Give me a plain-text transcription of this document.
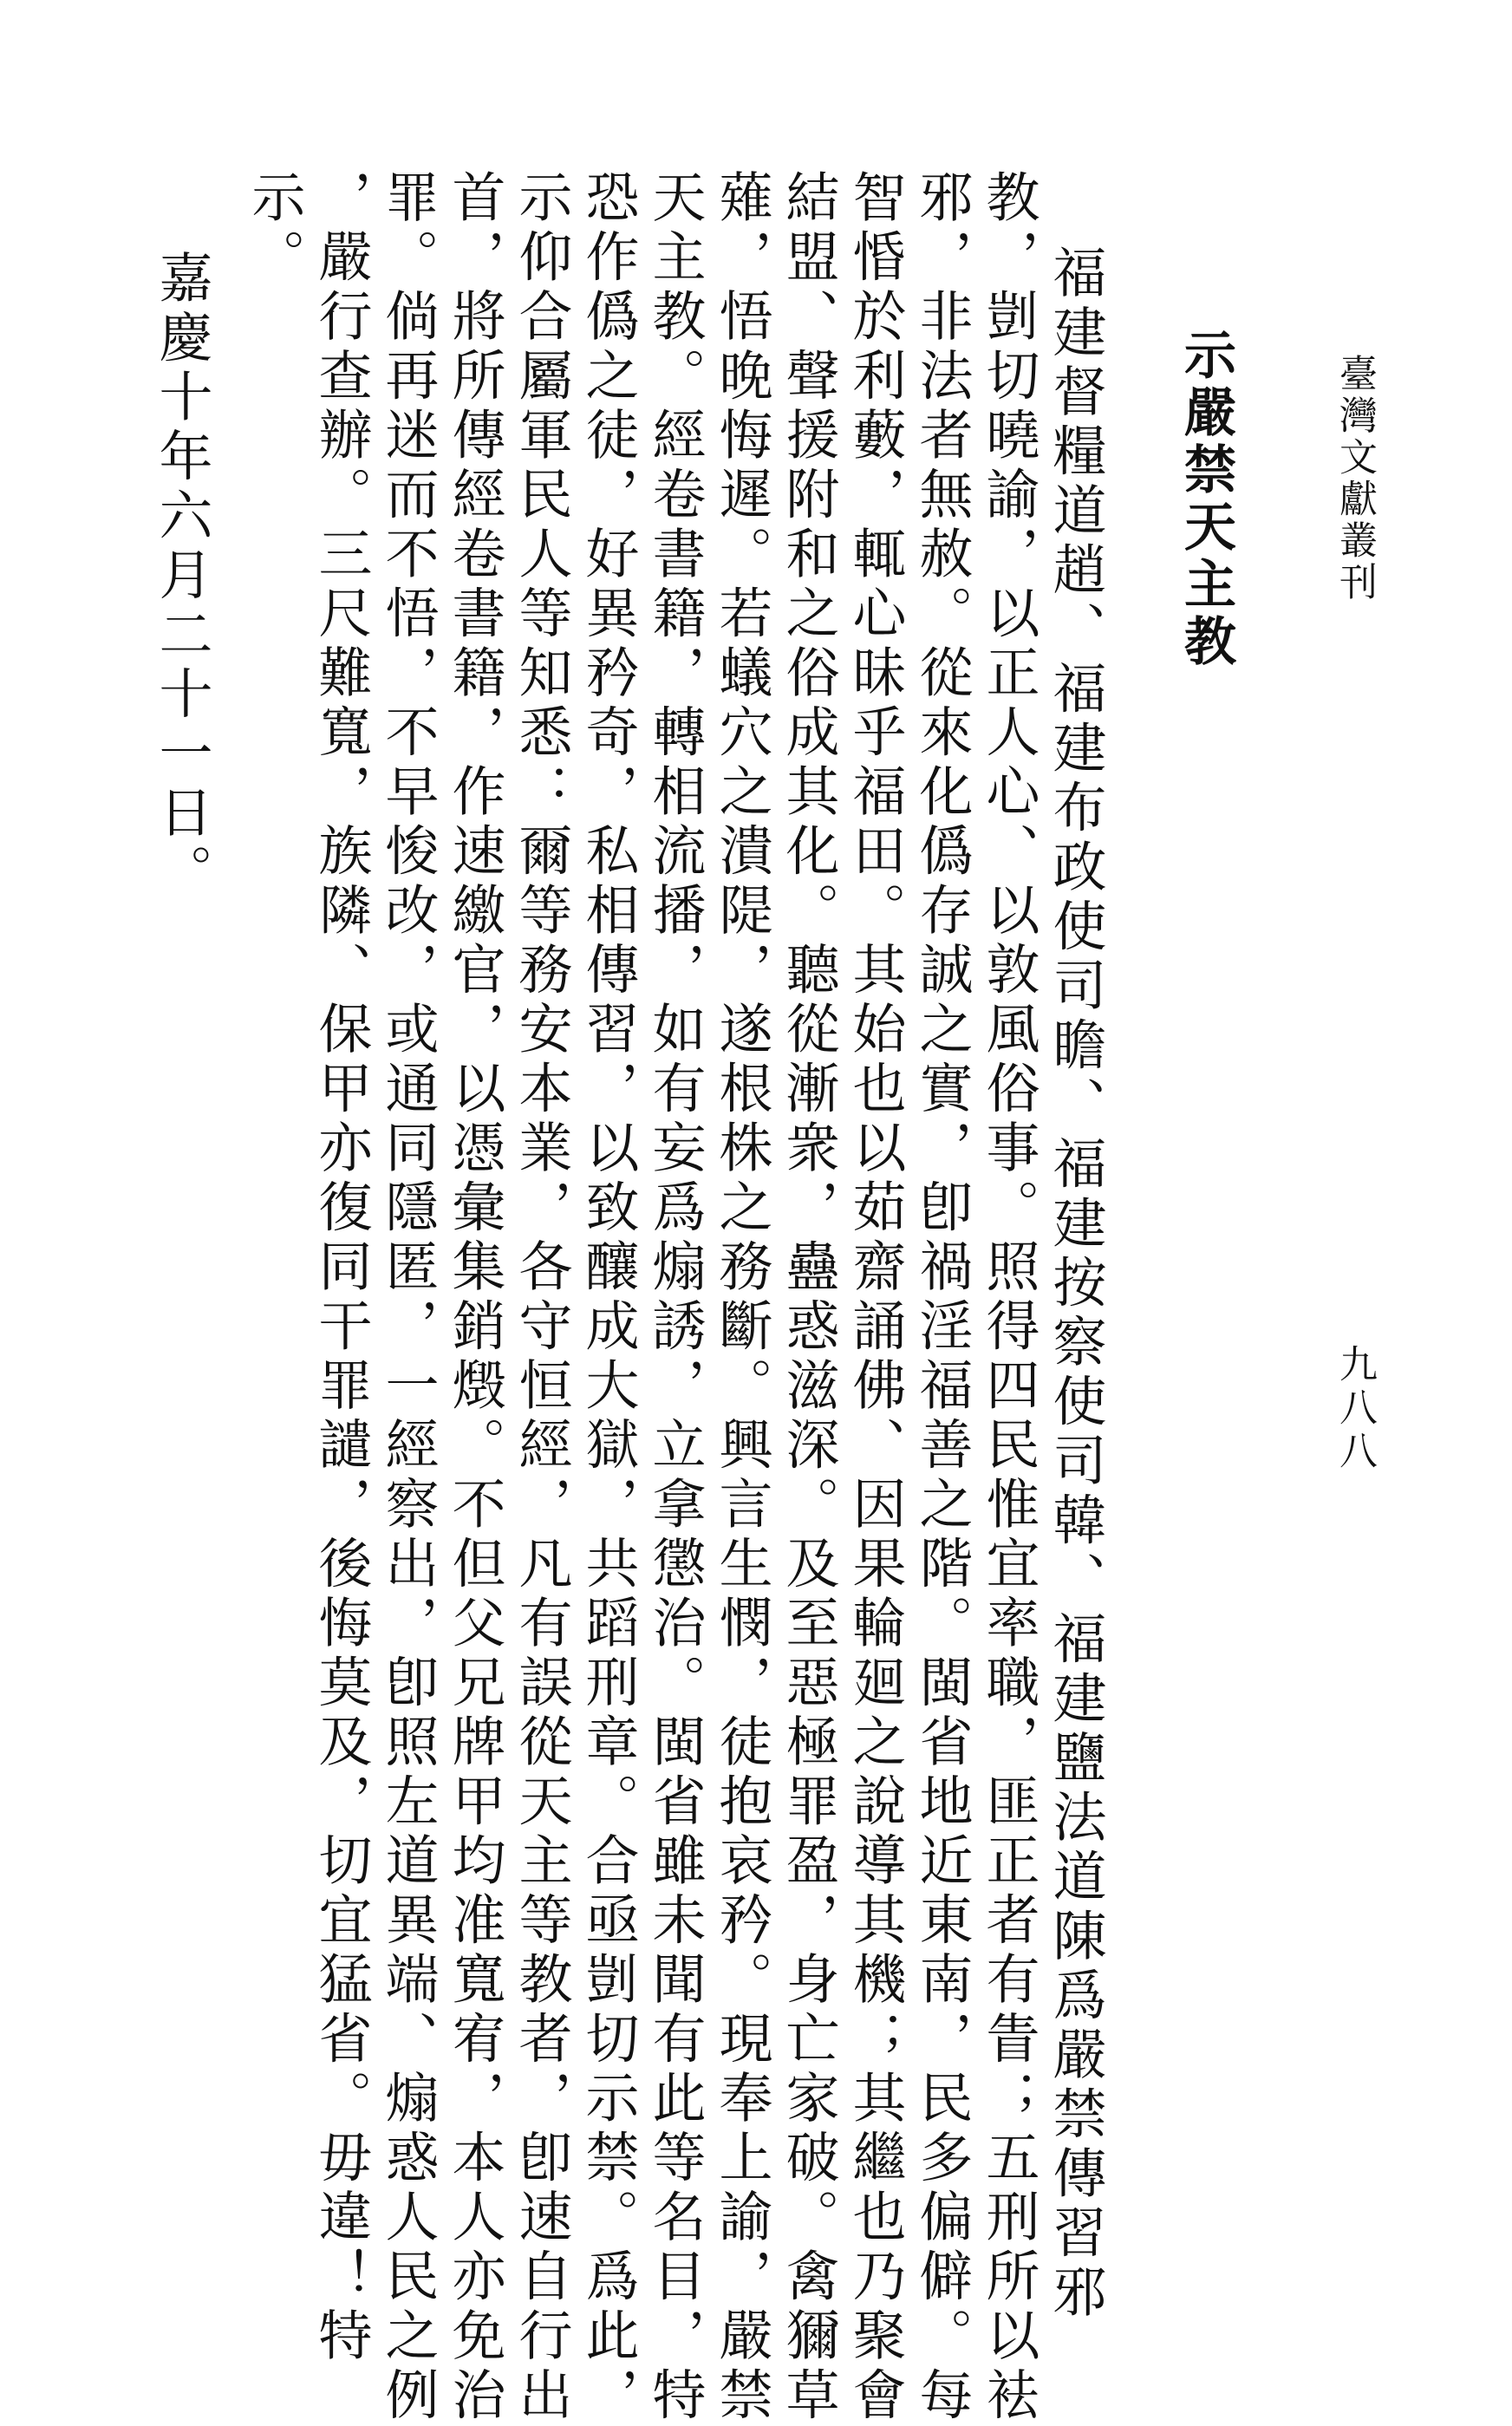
臺灣文獻叢刊
九八八
示嚴禁天主教
福建督糧道趙、福建布政使司瞻、福建按察使司韓、福建鹽法道陳爲嚴禁傳習邪
教，剴切曉諭，以正人心、以敦風俗事。照得四民惟宜率職，匪正者有眚；五刑所以袪
邪，非法者無赦。從來化僞存誠之實，卽禍淫福善之階。閩省地近東南，民多偏僻。每
智惛於利藪，輒心昧乎福田。其始也以茹齋誦佛、因果輪廻之說導其機；其繼也乃聚會
結盟、聲援附和之俗成其化。聽從漸衆，蠱惑滋深。及至惡極罪盈，身亡家破。禽獮草
薙，悟晚悔遲。若蟻穴之潰隄，遂根株之務斷。興言生憫，徒抱哀矜。現奉上諭，嚴禁
天主教。經卷書籍，轉相流播，如有妄爲煽誘，立拿懲治。閩省雖未聞有此等名目，特
恐作僞之徒，好異矜奇，私相傳習，以致釀成大獄，共蹈刑章。合亟剴切示禁。爲此，
示仰合屬軍民人等知悉：爾等務安本業，各守恒經，凡有誤從天主等教者，卽速自行出
首，將所傳經卷書籍，作速繳官，以憑彙集銷燬。不但父兄牌甲均准寬宥，本人亦免治
罪。倘再迷而不悟，不早悛改，或通同隱匿，一經察出，卽照左道異端、煽惑人民之例
，嚴行查辦。三尺難寬，族隣、保甲亦復同干罪譴，後悔莫及，切宜猛省。毋違！特
示。
嘉慶十年六月二十一日。
